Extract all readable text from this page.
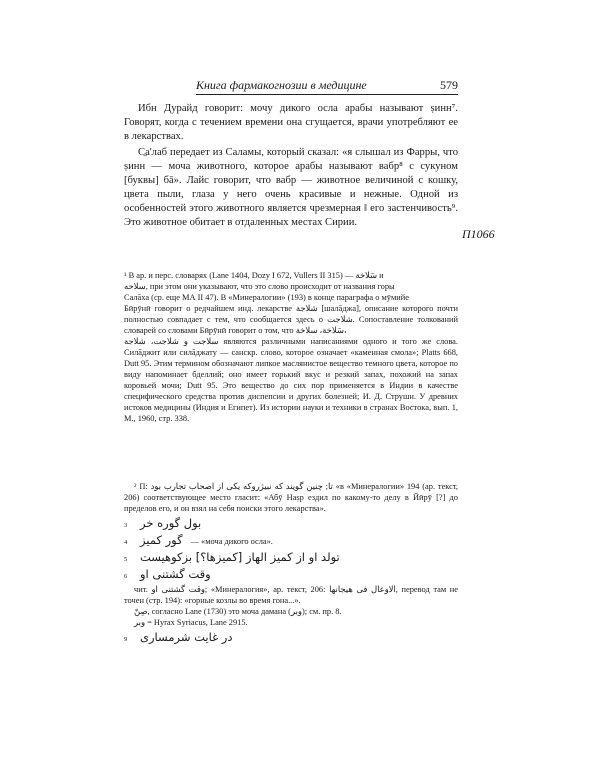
Книга фармакогнозии в медицине	579

Ибн Дурайд говорит: мочу дикого осла арабы называют ṣинн⁷. Говорят, когда с течением времени она сгущается, врачи употребляют ее в лекарствах.

С̱а'лаб передает из Саламы, который сказал: «я слышал из Фарры, что ṣинн — моча животного, которое арабы называют вабр⁸ с сукуном [буквы] бā». Лайс говорит, что вабр — животное величиной с кошку, цвета пыли, глаза у него очень красивые и нежные. Одной из особенностей этого животного является чрезмерная ‖ его застенчивость⁹. Это животное обитает в отдаленных местах Сирии.

П1066
¹ В ар. и перс. словарях (Lane 1404, Dozy I 672, Vullers II 315) — سَلاخة и
سلاحه, при этом они указывают, что это слово происходит от названия горы
Салāха (ср. еще МА II 47). В «Минералогии» (193) в конце параграфа о мӯмийе

Бӣрӯнӣ говорит о редчайшем инд. лекарстве شلاجة [шалāджа], описание которого почти полностью совпадает с тем, что сообщается здесь о شلاجت. Сопоставление толкований словарей со словами Бӣрӯнӣ говорит о том, что سَلاخة، سلاخة،

سلاجت و شلاجت، شلاجة являются различными написаниями одного и того же слова. Силāджит или силāджату — санскр. слово, которое означает «каменная смола»; Platts 668, Dutt 95. Этим термином обозначают липкое маслянистое вещество темного цвета, которое по виду напоминает бделлий; оно имеет горький вкус и резкий запах, похожий на запах коровьей мочи; Dutt 95. Это вещество до сих пор применяется в Индии в качестве специфического средства против диспепсии и других болезней; И. Д. Струшн. У древних истоков медицины (Индия и Египет). Из истории науки и техники в странах Востока, вып. 1, М., 1960, стр. 338.

² П: تا; چنين گويند كه نبيژروكه يكى از اصحاب تجارب بود «в «Минералогии» 194 (ар. текст, 206) соответствующее место гласит: «Абӯ Наṣр ездил по какому-то делу в Йӣрӯ [?] до пределов его, и он взял на себя поиски этого лекарства».

3	بول گوره خر
4	گور كميز — «моча дикого осла».
5	تولد او از كميز الهاز [كميزها؟] بزكوهيست
6	وقت گشتنى او

чит. وقت گشتنى او; «Минералогия», ар. текст, 206: الاوعال فى هيجانها, перевод там не точен (стр. 194): «горные козлы во время гона...».

صِنّ, согласно Lane (1730) это моча дамана (وبر); см. пр. 8.

وبر = Hyrax Syriacus, Lane 2915.

9	در غايت شرمسارى
